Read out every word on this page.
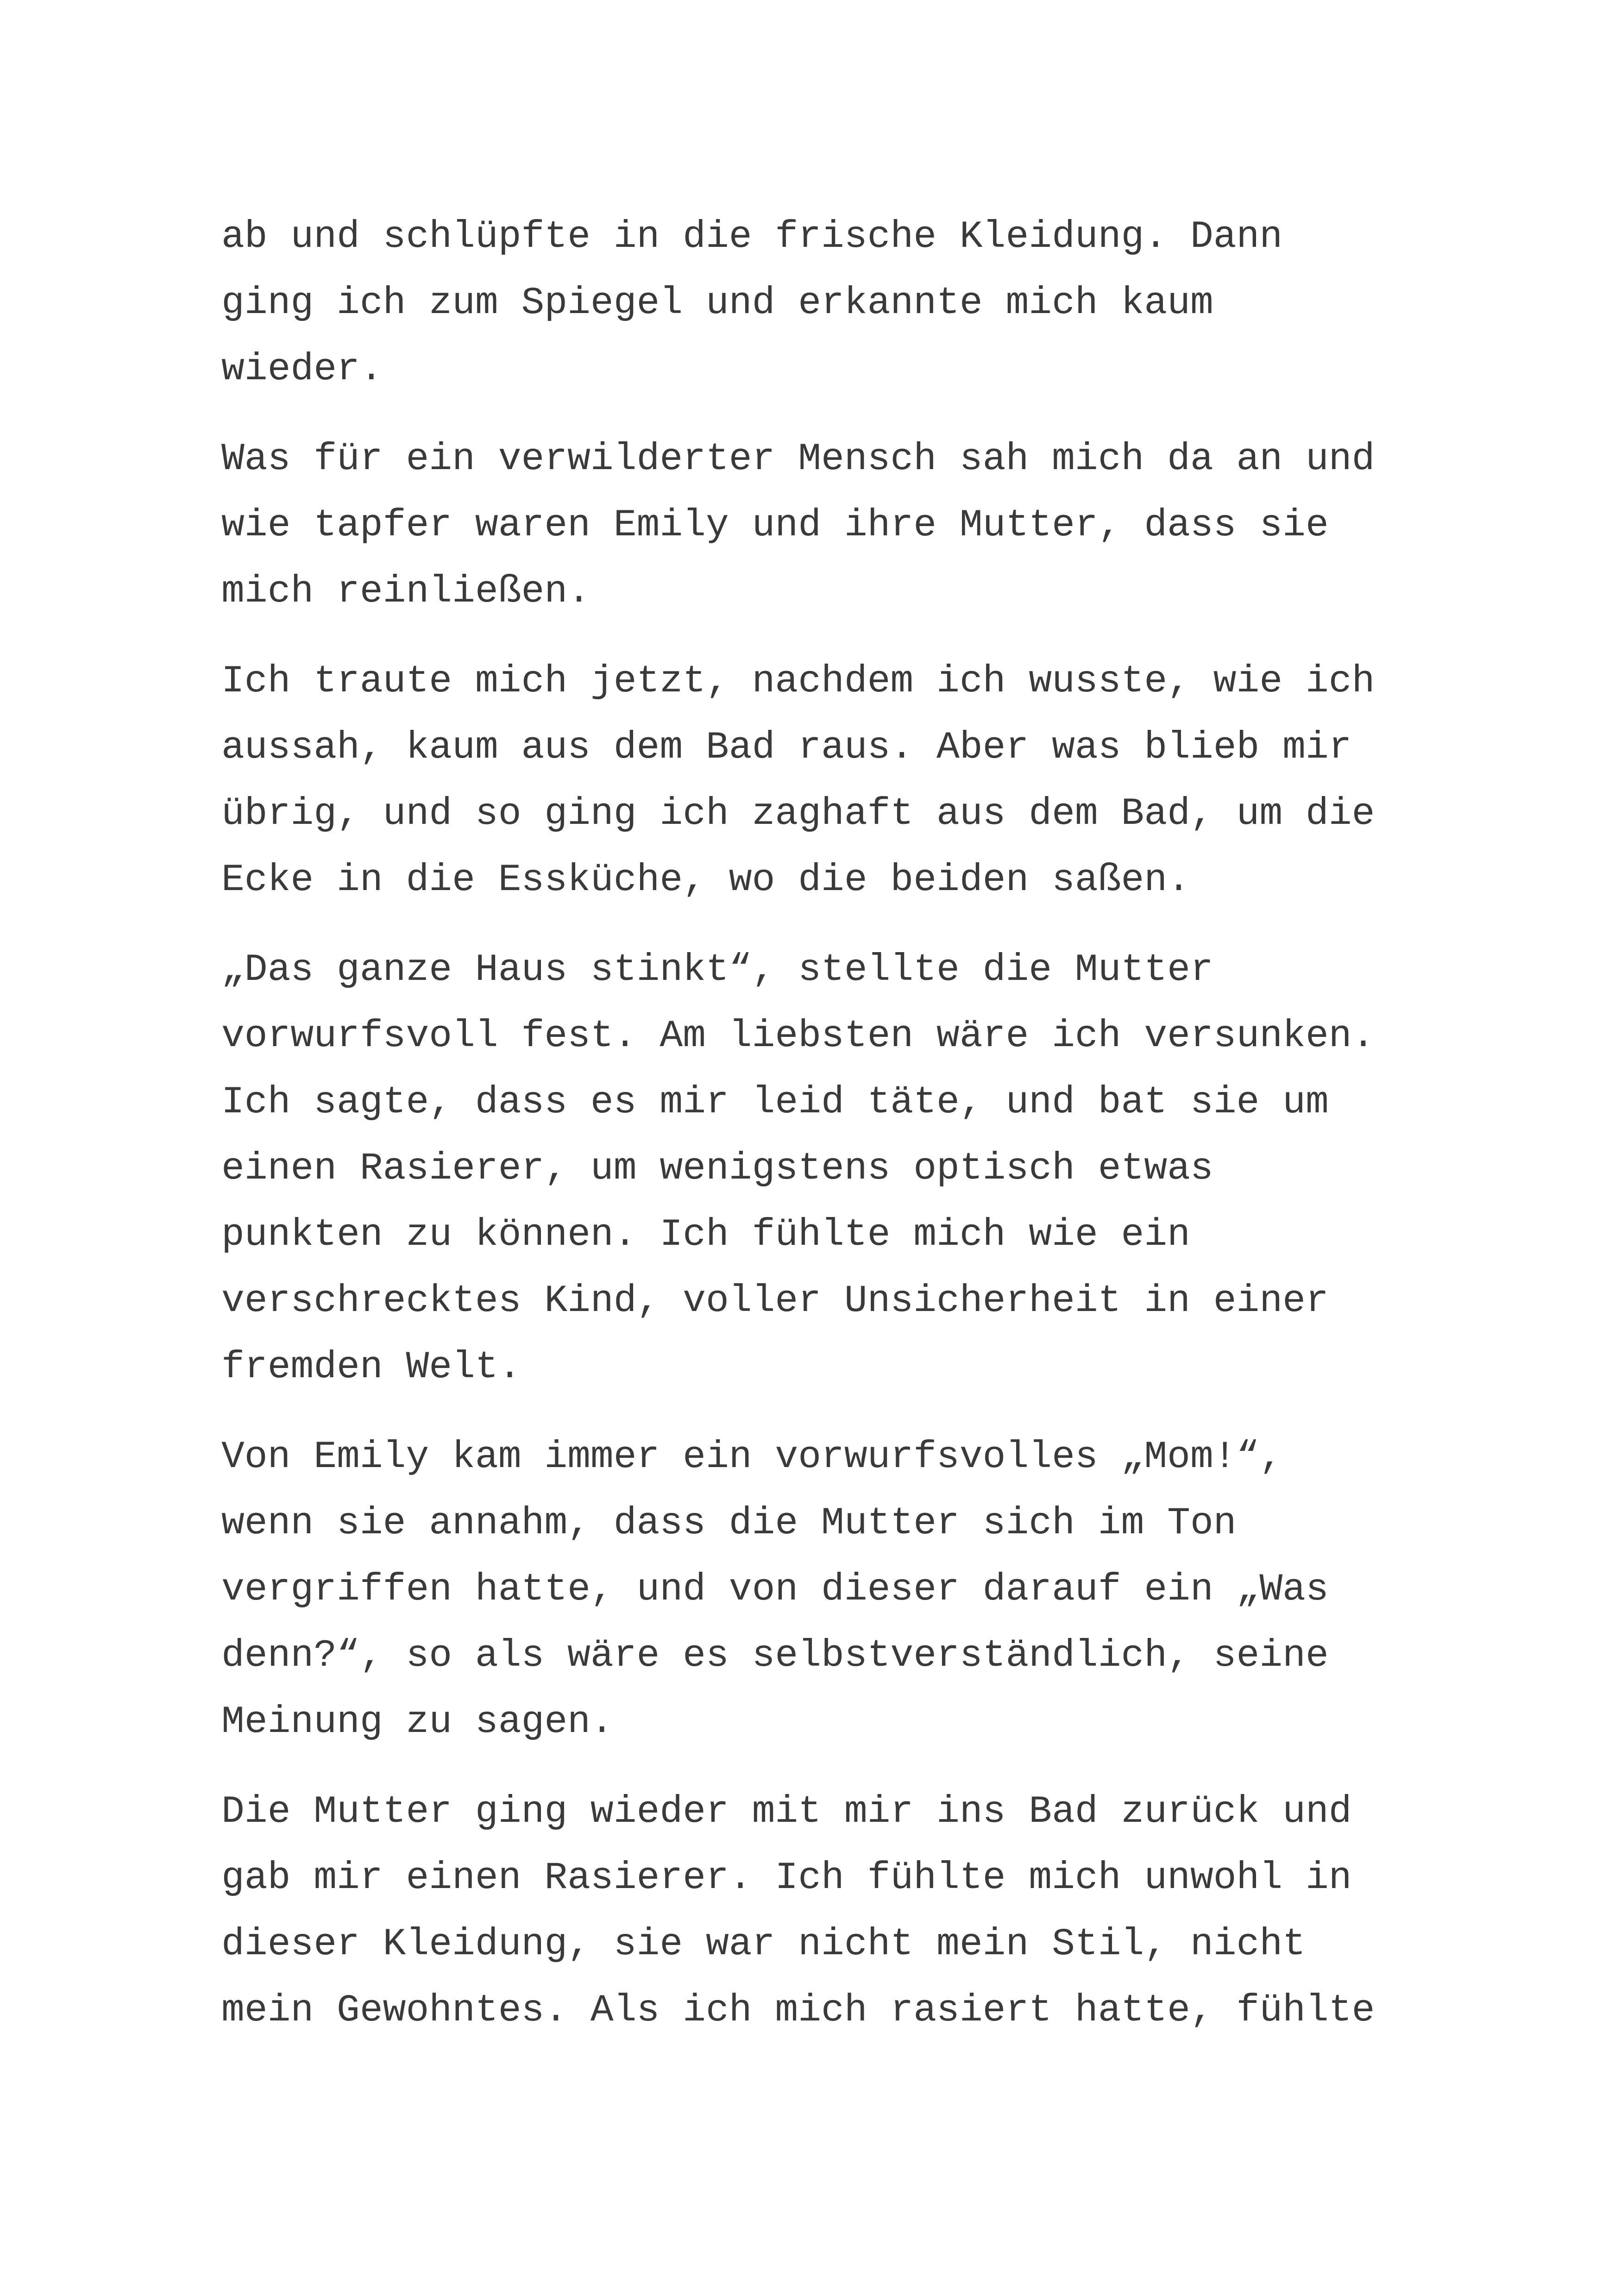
ab und schlüpfte in die frische Kleidung. Dann
ging ich zum Spiegel und erkannte mich kaum
wieder.

Was für ein verwilderter Mensch sah mich da an und
wie tapfer waren Emily und ihre Mutter, dass sie
mich reinließen.

Ich traute mich jetzt, nachdem ich wusste, wie ich
aussah, kaum aus dem Bad raus. Aber was blieb mir
übrig, und so ging ich zaghaft aus dem Bad, um die
Ecke in die Essküche, wo die beiden saßen.

„Das ganze Haus stinkt“, stellte die Mutter
vorwurfsvoll fest. Am liebsten wäre ich versunken.
Ich sagte, dass es mir leid täte, und bat sie um
einen Rasierer, um wenigstens optisch etwas
punkten zu können. Ich fühlte mich wie ein
verschrecktes Kind, voller Unsicherheit in einer
fremden Welt.

Von Emily kam immer ein vorwurfsvolles „Mom!“,
wenn sie annahm, dass die Mutter sich im Ton
vergriffen hatte, und von dieser darauf ein „Was
denn?“, so als wäre es selbstverständlich, seine
Meinung zu sagen.

Die Mutter ging wieder mit mir ins Bad zurück und
gab mir einen Rasierer. Ich fühlte mich unwohl in
dieser Kleidung, sie war nicht mein Stil, nicht
mein Gewohntes. Als ich mich rasiert hatte, fühlte
